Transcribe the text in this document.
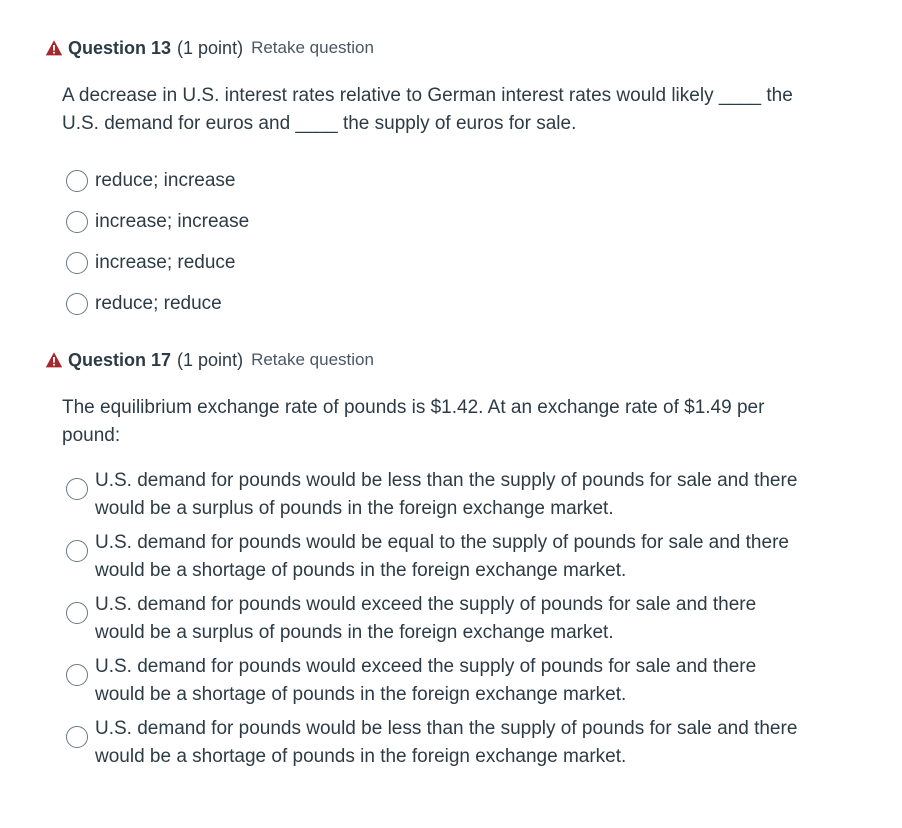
Question 13 (1 point) Retake question
A decrease in U.S. interest rates relative to German interest rates would likely ____ the U.S. demand for euros and ____ the supply of euros for sale.
reduce; increase
increase; increase
increase; reduce
reduce; reduce
Question 17 (1 point) Retake question
The equilibrium exchange rate of pounds is $1.42. At an exchange rate of $1.49 per pound:
U.S. demand for pounds would be less than the supply of pounds for sale and there would be a surplus of pounds in the foreign exchange market.
U.S. demand for pounds would be equal to the supply of pounds for sale and there would be a shortage of pounds in the foreign exchange market.
U.S. demand for pounds would exceed the supply of pounds for sale and there would be a surplus of pounds in the foreign exchange market.
U.S. demand for pounds would exceed the supply of pounds for sale and there would be a shortage of pounds in the foreign exchange market.
U.S. demand for pounds would be less than the supply of pounds for sale and there would be a shortage of pounds in the foreign exchange market.
